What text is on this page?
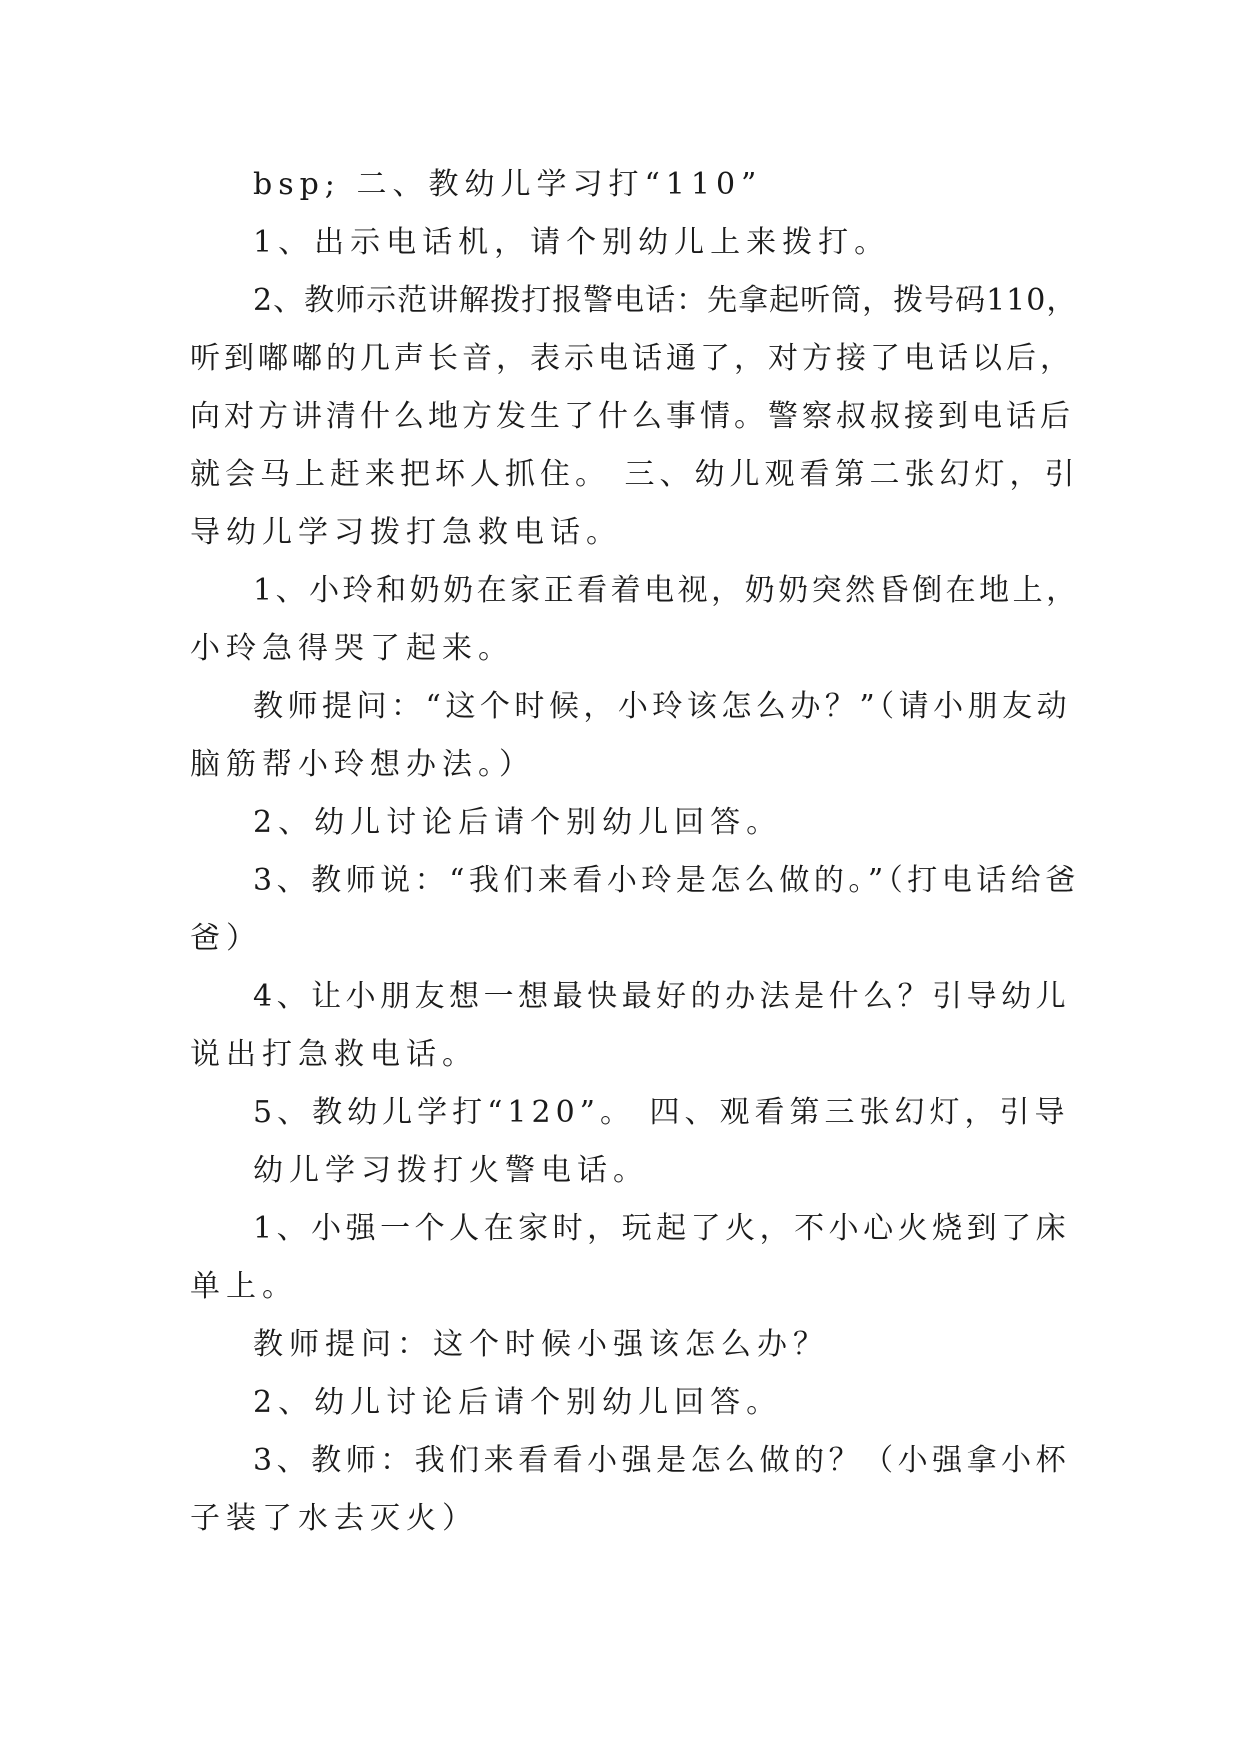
bsp; 二、教幼儿学习打“110”
1、出示电话机，请个别幼儿上来拨打。
2、教师示范讲解拨打报警电话：先拿起听筒，拨号码110，
听到嘟嘟的几声长音，表示电话通了，对方接了电话以后，
向对方讲清什么地方发生了什么事情。警察叔叔接到电话后
就会马上赶来把坏人抓住。 三、幼儿观看第二张幻灯，引
导幼儿学习拨打急救电话。
1、小玲和奶奶在家正看着电视，奶奶突然昏倒在地上，
小玲急得哭了起来。
教师提问：“这个时候，小玲该怎么办？”（请小朋友动
脑筋帮小玲想办法。）
2、幼儿讨论后请个别幼儿回答。
3、教师说：“我们来看小玲是怎么做的。”（打电话给爸
爸）
4、让小朋友想一想最快最好的办法是什么？引导幼儿
说出打急救电话。
5、教幼儿学打“120”。 四、观看第三张幻灯，引导
幼儿学习拨打火警电话。
1、小强一个人在家时，玩起了火，不小心火烧到了床
单上。
教师提问：这个时候小强该怎么办？
2、幼儿讨论后请个别幼儿回答。
3、教师：我们来看看小强是怎么做的？（小强拿小杯
子装了水去灭火）
